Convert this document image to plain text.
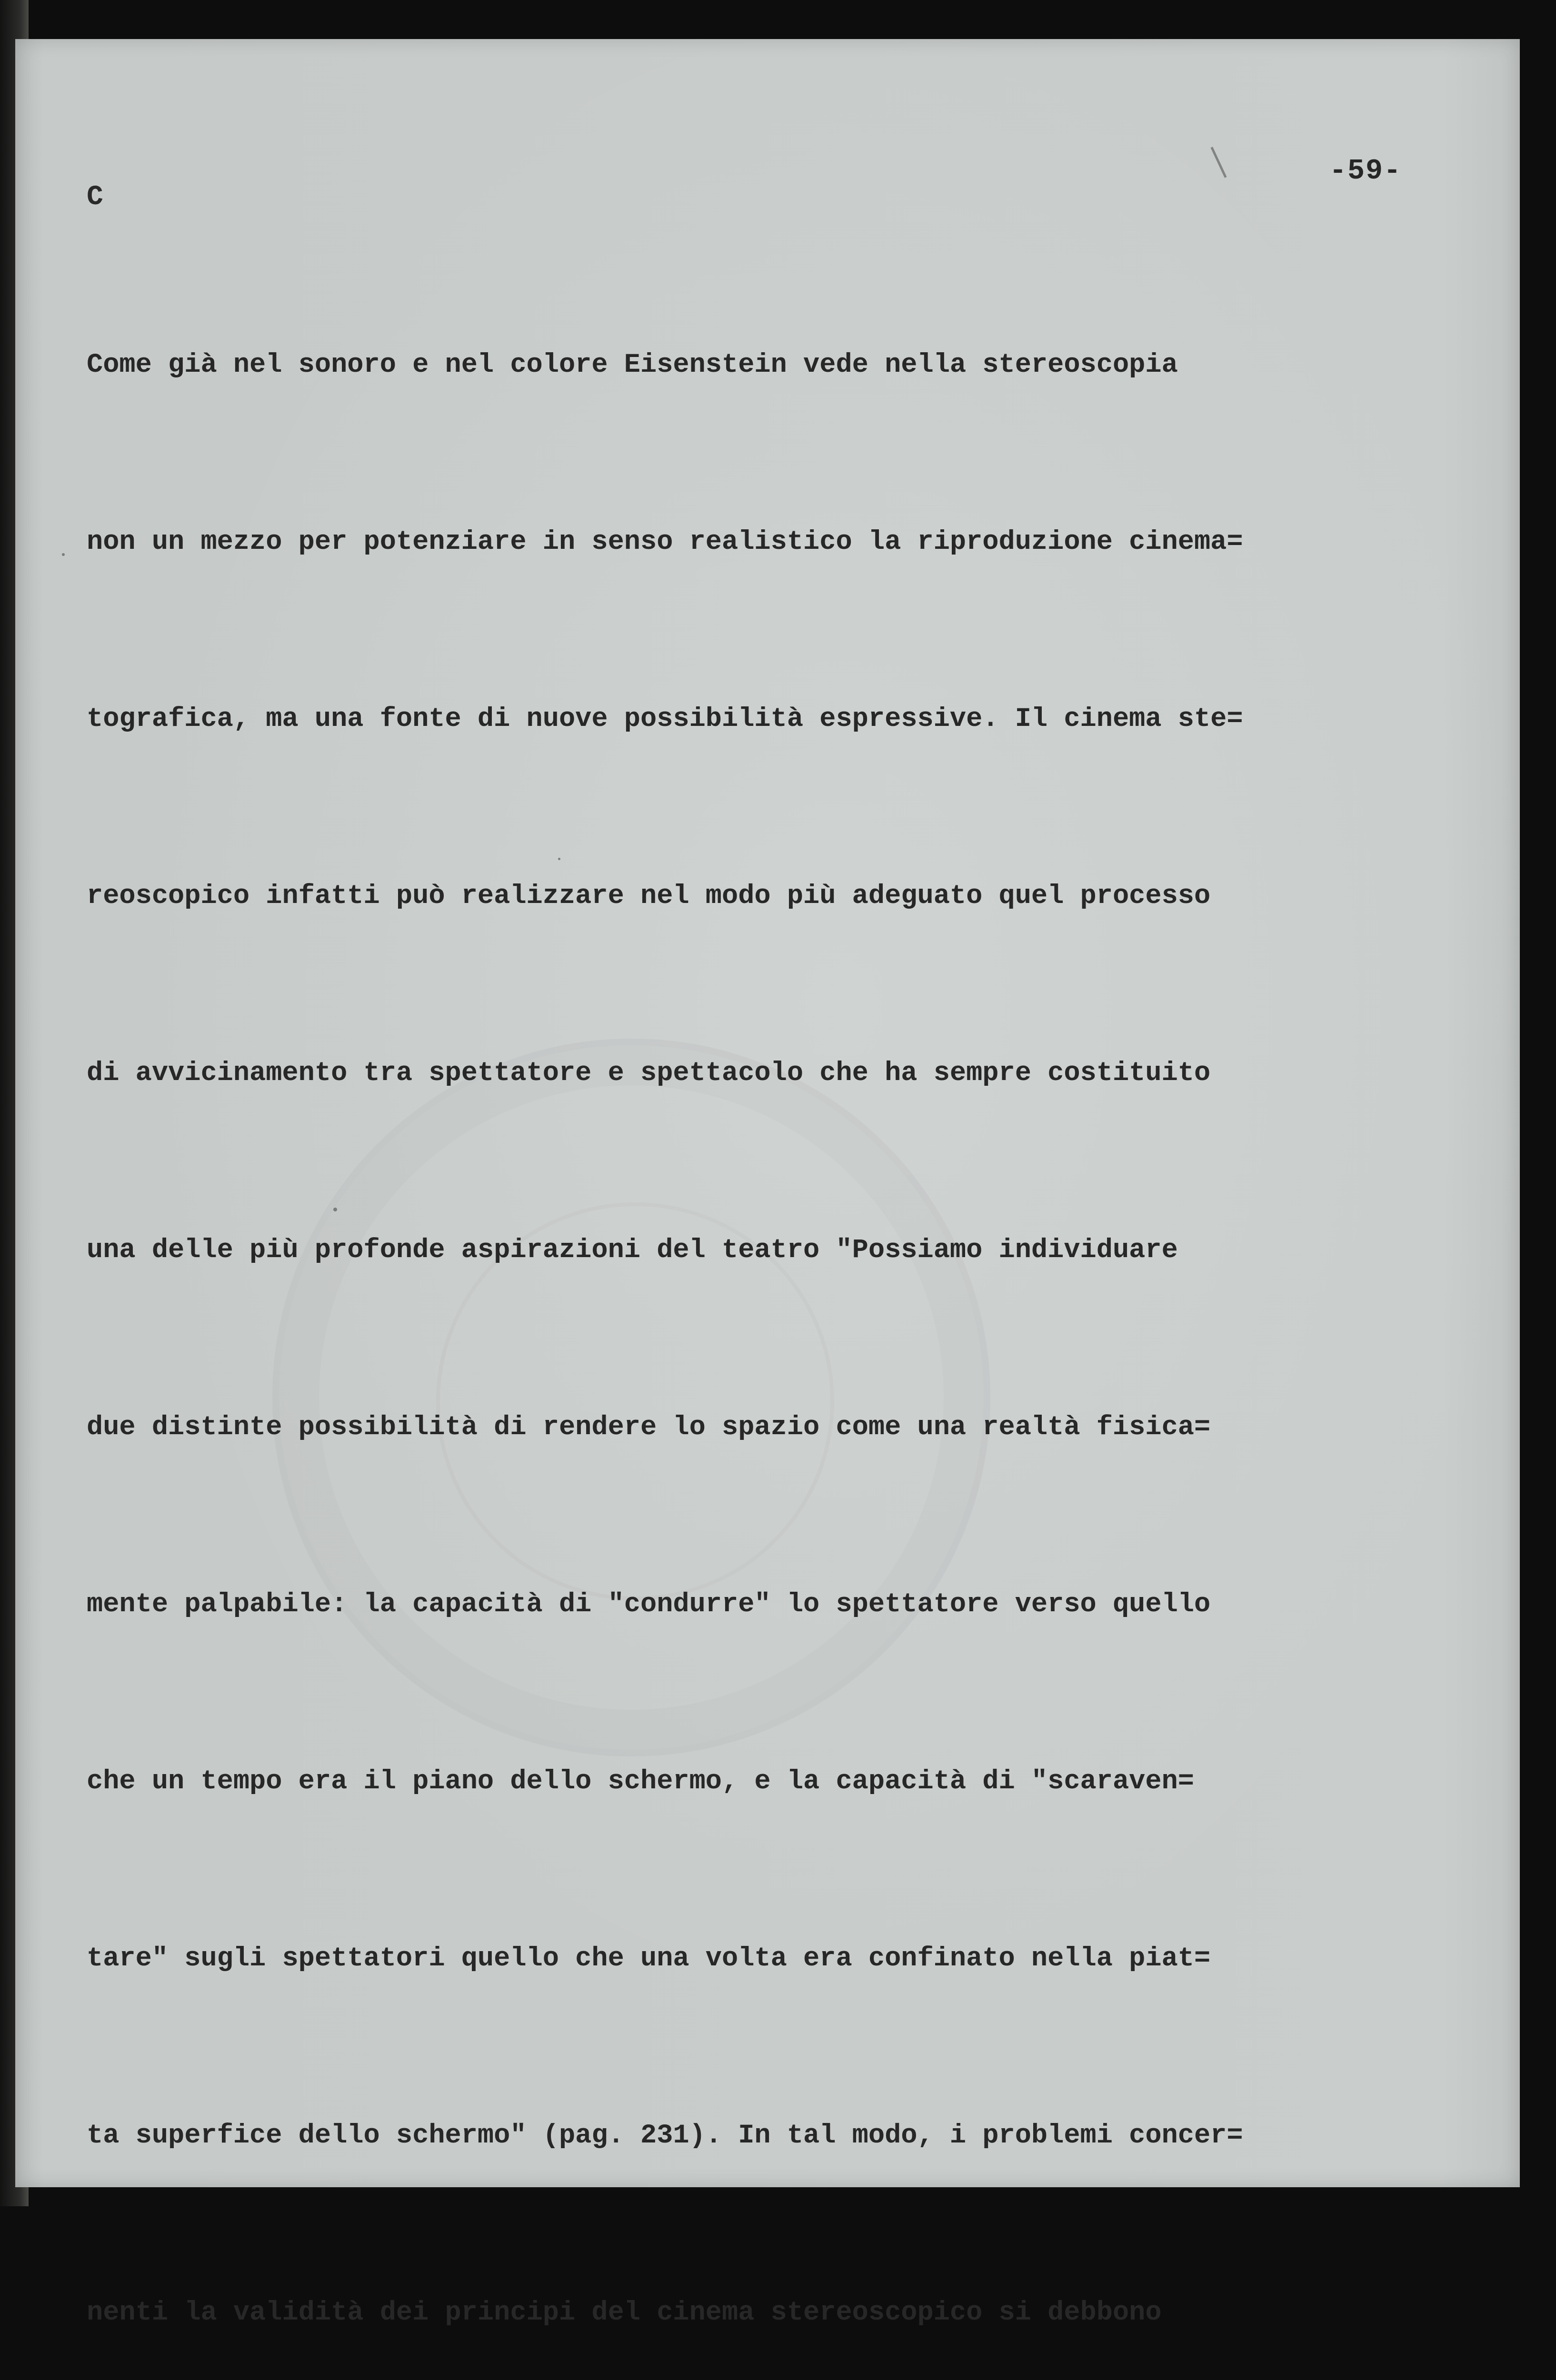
C
-59-

Come già nel sonoro e nel colore Eisenstein vede nella stereoscopia

non un mezzo per potenziare in senso realistico la riproduzione cinema=

tografica, ma una fonte di nuove possibilità espressive. Il cinema ste=

reoscopico infatti può realizzare nel modo più adeguato quel processo

di avvicinamento tra spettatore e spettacolo che ha sempre costituito

una delle più profonde aspirazioni del teatro "Possiamo individuare

due distinte possibilità di rendere lo spazio come una realtà fisica=

mente palpabile: la capacità di "condurre" lo spettatore verso quello

che un tempo era il piano dello schermo, e la capacità di "scaraven=

tare" sugli spettatori quello che una volta era confinato nella piat=

ta superfice dello schermo" (pag. 231). In tal modo, i problemi concer=

nenti la validità dei principi del cinema stereoscopico si debbono
